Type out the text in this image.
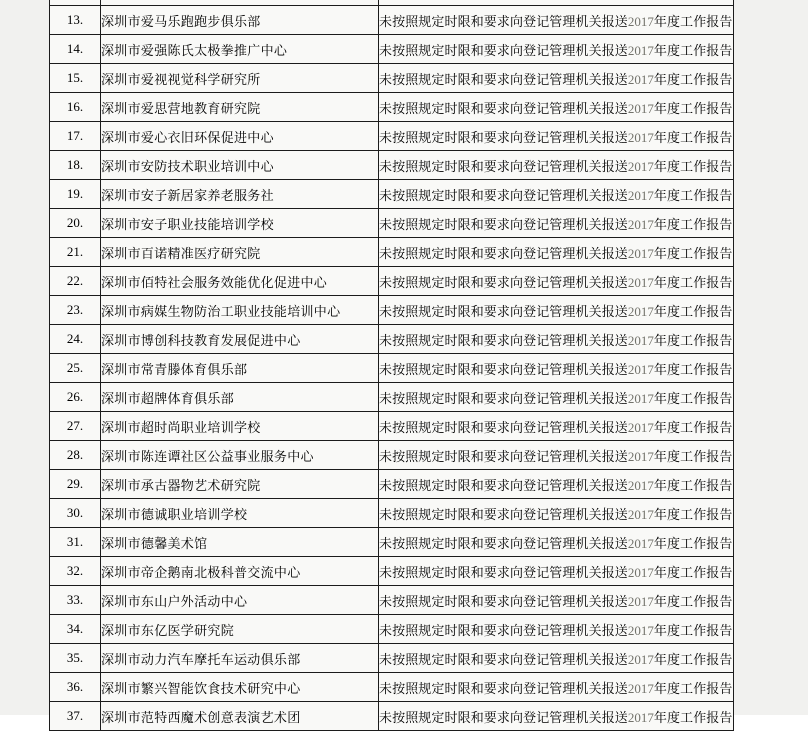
13.	深圳市爱马乐跑跑步俱乐部	未按照规定时限和要求向登记管理机关报送2017年度工作报告
14.	深圳市爱强陈氏太极拳推广中心	未按照规定时限和要求向登记管理机关报送2017年度工作报告
15.	深圳市爱视视觉科学研究所	未按照规定时限和要求向登记管理机关报送2017年度工作报告
16.	深圳市爱思营地教育研究院	未按照规定时限和要求向登记管理机关报送2017年度工作报告
17.	深圳市爱心衣旧环保促进中心	未按照规定时限和要求向登记管理机关报送2017年度工作报告
18.	深圳市安防技术职业培训中心	未按照规定时限和要求向登记管理机关报送2017年度工作报告
19.	深圳市安子新居家养老服务社	未按照规定时限和要求向登记管理机关报送2017年度工作报告
20.	深圳市安子职业技能培训学校	未按照规定时限和要求向登记管理机关报送2017年度工作报告
21.	深圳市百诺精准医疗研究院	未按照规定时限和要求向登记管理机关报送2017年度工作报告
22.	深圳市佰特社会服务效能优化促进中心	未按照规定时限和要求向登记管理机关报送2017年度工作报告
23.	深圳市病媒生物防治工职业技能培训中心	未按照规定时限和要求向登记管理机关报送2017年度工作报告
24.	深圳市博创科技教育发展促进中心	未按照规定时限和要求向登记管理机关报送2017年度工作报告
25.	深圳市常青滕体育俱乐部	未按照规定时限和要求向登记管理机关报送2017年度工作报告
26.	深圳市超牌体育俱乐部	未按照规定时限和要求向登记管理机关报送2017年度工作报告
27.	深圳市超时尚职业培训学校	未按照规定时限和要求向登记管理机关报送2017年度工作报告
28.	深圳市陈连谭社区公益事业服务中心	未按照规定时限和要求向登记管理机关报送2017年度工作报告
29.	深圳市承古器物艺术研究院	未按照规定时限和要求向登记管理机关报送2017年度工作报告
30.	深圳市德诚职业培训学校	未按照规定时限和要求向登记管理机关报送2017年度工作报告
31.	深圳市德馨美术馆	未按照规定时限和要求向登记管理机关报送2017年度工作报告
32.	深圳市帝企鹅南北极科普交流中心	未按照规定时限和要求向登记管理机关报送2017年度工作报告
33.	深圳市东山户外活动中心	未按照规定时限和要求向登记管理机关报送2017年度工作报告
34.	深圳市东亿医学研究院	未按照规定时限和要求向登记管理机关报送2017年度工作报告
35.	深圳市动力汽车摩托车运动俱乐部	未按照规定时限和要求向登记管理机关报送2017年度工作报告
36.	深圳市繁兴智能饮食技术研究中心	未按照规定时限和要求向登记管理机关报送2017年度工作报告
37.	深圳市范特西魔术创意表演艺术团	未按照规定时限和要求向登记管理机关报送2017年度工作报告
